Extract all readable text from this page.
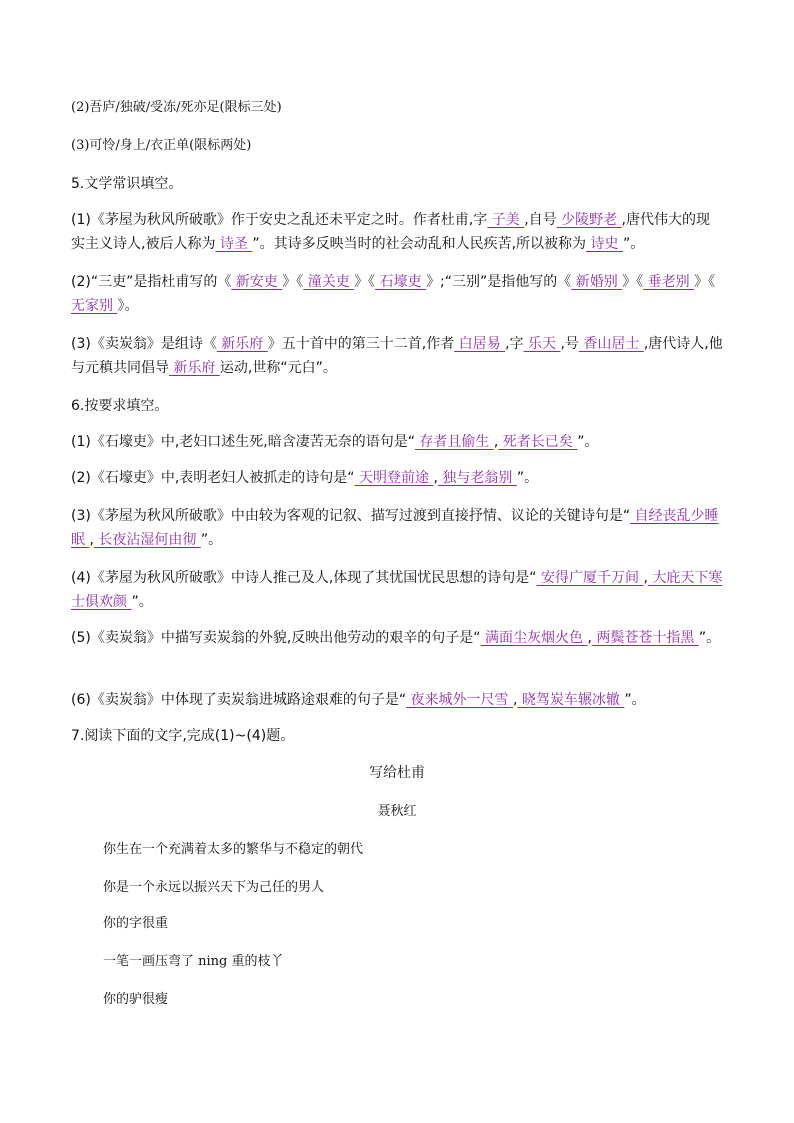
(2)吾庐/独破/受冻/死亦足(限标三处)
(3)可怜/身上/衣正单(限标两处)
5.文学常识填空。
(1)《茅屋为秋风所破歌》作于安史之乱还未平定之时。作者杜甫,字 子美 ,自号 少陵野老 ,唐代伟大的现实主义诗人,被后人称为 诗圣 ”。其诗多反映当时的社会动乱和人民疾苦,所以被称为 诗史 ”。
(2)“三吏”是指杜甫写的《 新安吏 》《 潼关吏 》《 石壕吏 》;“三别”是指他写的《 新婚别 》《 垂老别 》《 无家别 》。
(3)《卖炭翁》是组诗《 新乐府 》五十首中的第三十二首,作者 白居易 ,字 乐天 ,号 香山居士 ,唐代诗人,他与元稹共同倡导 新乐府 运动,世称“元白”。
6.按要求填空。
(1)《石壕吏》中,老妇口述生死,暗含凄苦无奈的语句是“ 存者且偷生 , 死者长已矣 ”。
(2)《石壕吏》中,表明老妇人被抓走的诗句是“ 天明登前途 , 独与老翁别 ”。
(3)《茅屋为秋风所破歌》中由较为客观的记叙、描写过渡到直接抒情、议论的关键诗句是“ 自经丧乱少睡眠 , 长夜沾湿何由彻 ”。
(4)《茅屋为秋风所破歌》中诗人推己及人,体现了其忧国忧民思想的诗句是“ 安得广厦千万间 , 大庇天下寒士俱欢颜 ”。
(5)《卖炭翁》中描写卖炭翁的外貌,反映出他劳动的艰辛的句子是“ 满面尘灰烟火色 , 两鬓苍苍十指黑 ”。
(6)《卖炭翁》中体现了卖炭翁进城路途艰难的句子是“ 夜来城外一尺雪 , 晓驾炭车辗冰辙 ”。
7.阅读下面的文字,完成(1)~(4)题。
写给杜甫
聂秋红
你生在一个充满着太多的繁华与不稳定的朝代
你是一个永远以振兴天下为己任的男人
你的字很重
一笔一画压弯了 ning 重的枝丫
你的驴很瘦
